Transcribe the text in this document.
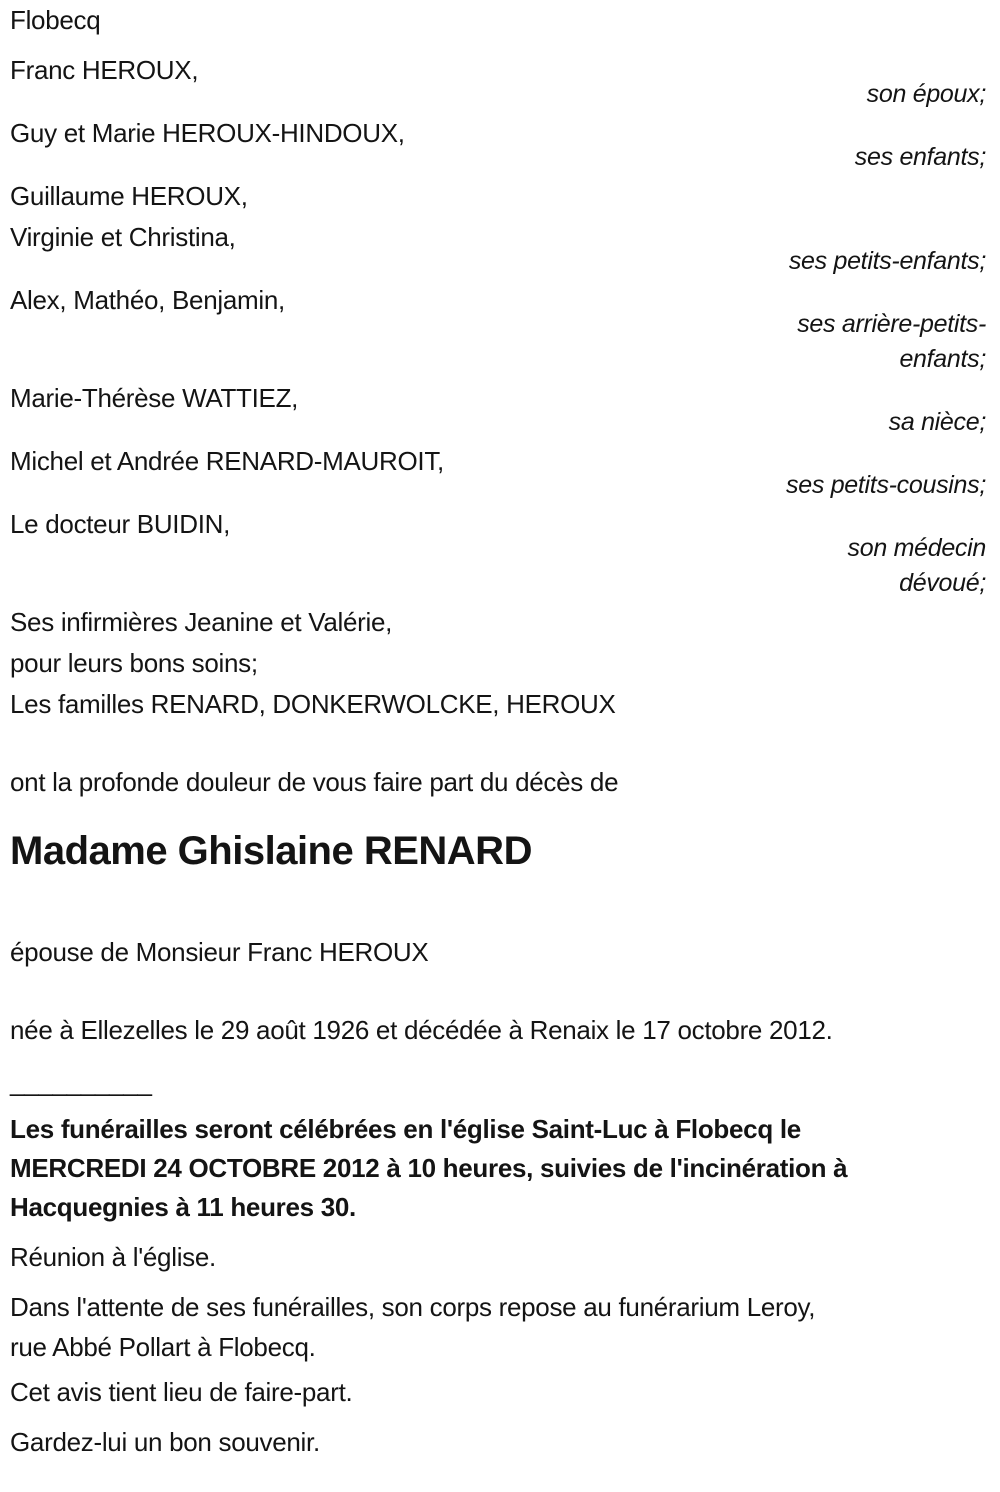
Flobecq

Franc HEROUX,

son époux;

Guy et Marie HEROUX-HINDOUX,

ses enfants;

Guillaume HEROUX,

Virginie et Christina,

ses petits-enfants;

Alex, Mathéo, Benjamin,

ses arrière-petits-
enfants;

Marie-Thérèse WATTIEZ,

sa nièce;

Michel et Andrée RENARD-MAUROIT,

ses petits-cousins;

Le docteur BUIDIN,

son médecin
dévoué;

Ses infirmières Jeanine et Valérie,

pour leurs bons soins;

Les familles RENARD, DONKERWOLCKE, HEROUX

ont la profonde douleur de vous faire part du décès de

Madame Ghislaine RENARD

épouse de Monsieur Franc HEROUX

née à Ellezelles le 29 août 1926 et décédée à Renaix le 17 octobre 2012.

__________

Les funérailles seront célébrées en l'église Saint-Luc à Flobecq le
MERCREDI 24 OCTOBRE 2012 à 10 heures, suivies de l'incinération à
Hacquegnies à 11 heures 30.

Réunion à l'église.

Dans l'attente de ses funérailles, son corps repose au funérarium Leroy,
rue Abbé Pollart à Flobecq.

Cet avis tient lieu de faire-part.

Gardez-lui un bon souvenir.
